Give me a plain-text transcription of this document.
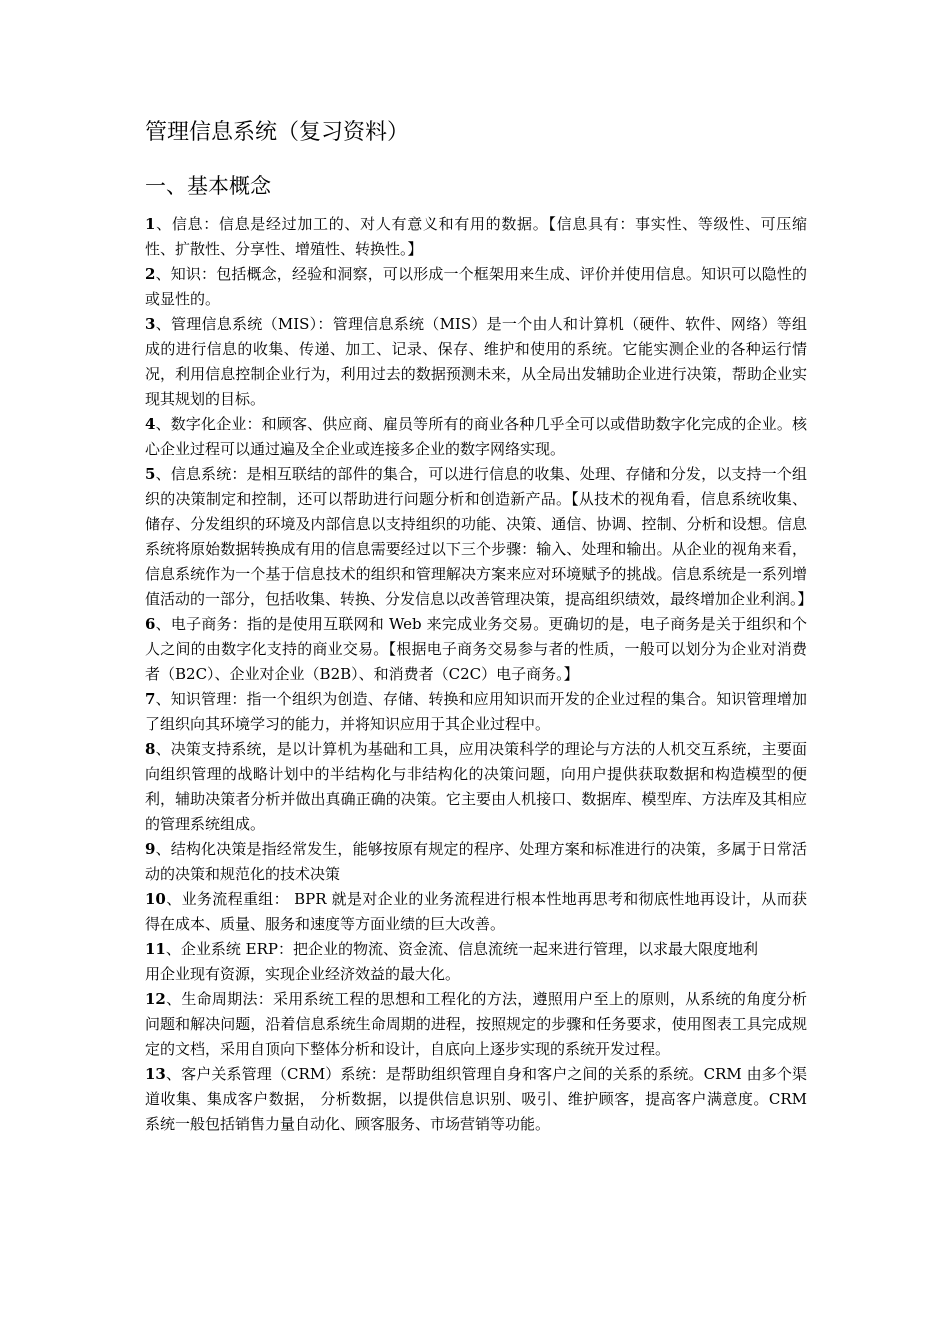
管理信息系统（复习资料）
一、基本概念

1、信息：信息是经过加工的、对人有意义和有用的数据。【信息具有：事实性、等级性、可压缩性、扩散性、分享性、增殖性、转换性。】

2、知识：包括概念，经验和洞察，可以形成一个框架用来生成、评价并使用信息。知识可以隐性的或显性的。

3、管理信息系统（MIS）：管理信息系统（MIS）是一个由人和计算机（硬件、软件、网络）等组成的进行信息的收集、传递、加工、记录、保存、维护和使用的系统。它能实测企业的各种运行情况，利用信息控制企业行为，利用过去的数据预测未来，从全局出发辅助企业进行决策，帮助企业实现其规划的目标。

4、数字化企业：和顾客、供应商、雇员等所有的商业各种几乎全可以或借助数字化完成的企业。核心企业过程可以通过遍及全企业或连接多企业的数字网络实现。

5、信息系统：是相互联结的部件的集合，可以进行信息的收集、处理、存储和分发，以支持一个组织的决策制定和控制，还可以帮助进行问题分析和创造新产品。【从技术的视角看，信息系统收集、储存、分发组织的环境及内部信息以支持组织的功能、决策、通信、协调、控制、分析和设想。信息系统将原始数据转换成有用的信息需要经过以下三个步骤：输入、处理和输出。从企业的视角来看，信息系统作为一个基于信息技术的组织和管理解决方案来应对环境赋予的挑战。信息系统是一系列增值活动的一部分，包括收集、转换、分发信息以改善管理决策，提高组织绩效，最终增加企业利润。】

6、电子商务：指的是使用互联网和 Web 来完成业务交易。更确切的是，电子商务是关于组织和个人之间的由数字化支持的商业交易。【根据电子商务交易参与者的性质，一般可以划分为企业对消费者（B2C）、企业对企业（B2B）、和消费者（C2C）电子商务。】

7、知识管理：指一个组织为创造、存储、转换和应用知识而开发的企业过程的集合。知识管理增加了组织向其环境学习的能力，并将知识应用于其企业过程中。

8、决策支持系统，是以计算机为基础和工具，应用决策科学的理论与方法的人机交互系统，主要面向组织管理的战略计划中的半结构化与非结构化的决策问题，向用户提供获取数据和构造模型的便利，辅助决策者分析并做出真确正确的决策。它主要由人机接口、数据库、模型库、方法库及其相应的管理系统组成。

9、结构化决策是指经常发生，能够按原有规定的程序、处理方案和标准进行的决策，多属于日常活动的决策和规范化的技术决策

10、业务流程重组： BPR 就是对企业的业务流程进行根本性地再思考和彻底性地再设计，从而获得在成本、质量、服务和速度等方面业绩的巨大改善。

11、企业系统 ERP：把企业的物流、资金流、信息流统一起来进行管理，以求最大限度地利

用企业现有资源，实现企业经济效益的最大化。

12、生命周期法：采用系统工程的思想和工程化的方法，遵照用户至上的原则，从系统的角度分析问题和解决问题，沿着信息系统生命周期的进程，按照规定的步骤和任务要求，使用图表工具完成规定的文档，采用自顶向下整体分析和设计，自底向上逐步实现的系统开发过程。

13、客户关系管理（CRM）系统：是帮助组织管理自身和客户之间的关系的系统。CRM 由多个渠道收集、集成客户数据， 分析数据，以提供信息识别、吸引、维护顾客，提高客户满意度。CRM 系统一般包括销售力量自动化、顾客服务、市场营销等功能。
